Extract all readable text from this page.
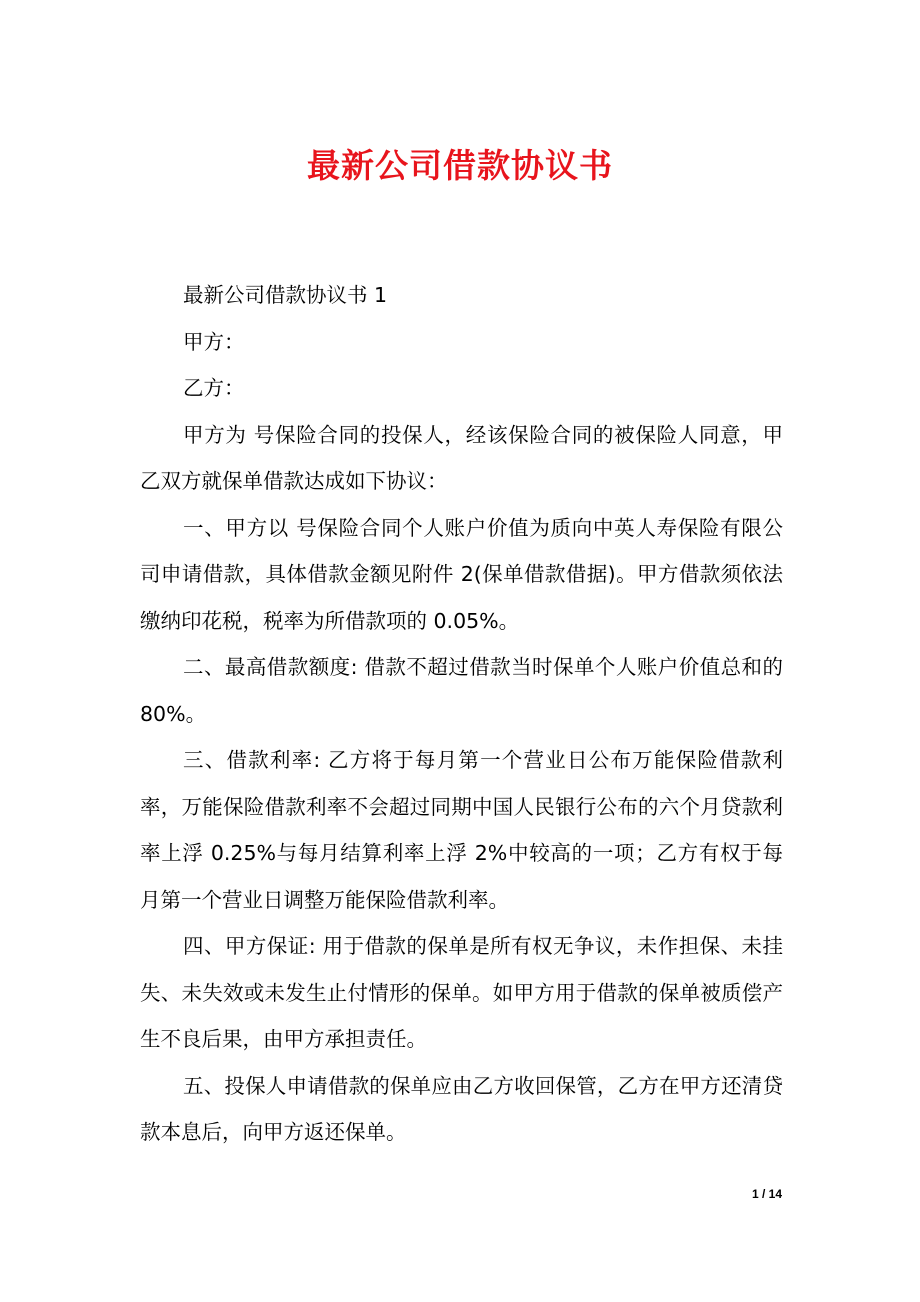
最新公司借款协议书

最新公司借款协议书 1

甲方：

乙方：

甲方为 号保险合同的投保人，经该保险合同的被保险人同意，甲乙双方就保单借款达成如下协议：

一、甲方以 号保险合同个人账户价值为质向中英人寿保险有限公司申请借款，具体借款金额见附件 2(保单借款借据)。甲方借款须依法缴纳印花税，税率为所借款项的 0.05%。

二、最高借款额度: 借款不超过借款当时保单个人账户价值总和的 80%。

三、借款利率: 乙方将于每月第一个营业日公布万能保险借款利率，万能保险借款利率不会超过同期中国人民银行公布的六个月贷款利率上浮 0.25%与每月结算利率上浮 2%中较高的一项；乙方有权于每月第一个营业日调整万能保险借款利率。

四、甲方保证: 用于借款的保单是所有权无争议，未作担保、未挂失、未失效或未发生止付情形的保单。如甲方用于借款的保单被质偿产生不良后果，由甲方承担责任。

五、投保人申请借款的保单应由乙方收回保管，乙方在甲方还清贷款本息后，向甲方返还保单。

1 / 14
